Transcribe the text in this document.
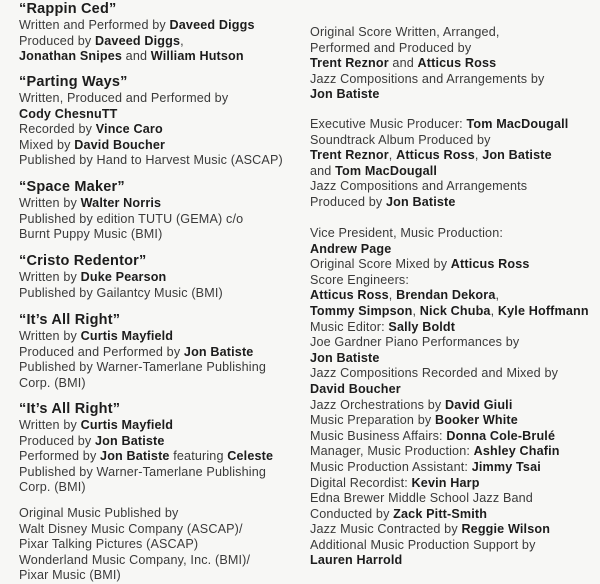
“Rappin Ced”
Written and Performed by Daveed Diggs
Produced by Daveed Diggs,
Jonathan Snipes and William Hutson
“Parting Ways”
Written, Produced and Performed by
Cody ChesnuTT
Recorded by Vince Caro
Mixed by David Boucher
Published by Hand to Harvest Music (ASCAP)
“Space Maker”
Written by Walter Norris
Published by edition TUTU (GEMA) c/o
Burnt Puppy Music (BMI)
“Cristo Redentor”
Written by Duke Pearson
Published by Gailantcy Music (BMI)
“It’s All Right”
Written by Curtis Mayfield
Produced and Performed by Jon Batiste
Published by Warner-Tamerlane Publishing
Corp. (BMI)
“It’s All Right”
Written by Curtis Mayfield
Produced by Jon Batiste
Performed by Jon Batiste featuring Celeste
Published by Warner-Tamerlane Publishing
Corp. (BMI)
Original Music Published by
Walt Disney Music Company (ASCAP)/
Pixar Talking Pictures (ASCAP)
Wonderland Music Company, Inc. (BMI)/
Pixar Music (BMI)
Original Score Written, Arranged,
Performed and Produced by
Trent Reznor and Atticus Ross
Jazz Compositions and Arrangements by
Jon Batiste
Executive Music Producer: Tom MacDougall
Soundtrack Album Produced by
Trent Reznor, Atticus Ross, Jon Batiste
and Tom MacDougall
Jazz Compositions and Arrangements
Produced by Jon Batiste
Vice President, Music Production:
Andrew Page
Original Score Mixed by Atticus Ross
Score Engineers:
Atticus Ross, Brendan Dekora,
Tommy Simpson, Nick Chuba, Kyle Hoffmann
Music Editor: Sally Boldt
Joe Gardner Piano Performances by
Jon Batiste
Jazz Compositions Recorded and Mixed by
David Boucher
Jazz Orchestrations by David Giuli
Music Preparation by Booker White
Music Business Affairs: Donna Cole-Brulé
Manager, Music Production: Ashley Chafin
Music Production Assistant: Jimmy Tsai
Digital Recordist: Kevin Harp
Edna Brewer Middle School Jazz Band
Conducted by Zack Pitt-Smith
Jazz Music Contracted by Reggie Wilson
Additional Music Production Support by
Lauren Harrold
